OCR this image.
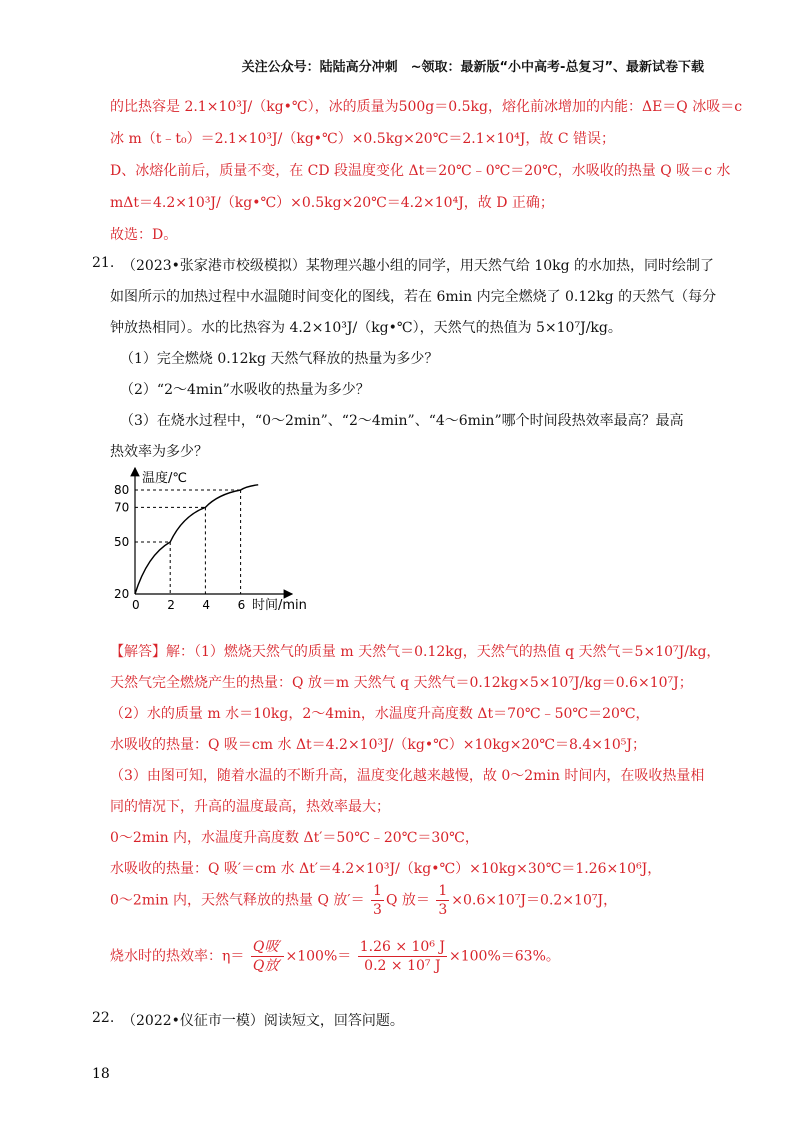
关注公众号：陆陆高分冲刺　~领取：最新版“小中高考-总复习”、最新试卷下载
的比热容是 2.1×10³J/（kg•℃），冰的质量为500g＝0.5kg，熔化前冰增加的内能：ΔE＝Q 冰吸＝c
冰 m（t﹣t₀）＝2.1×10³J/（kg•℃）×0.5kg×20℃＝2.1×10⁴J，故 C 错误；
D、冰熔化前后，质量不变，在 CD 段温度变化 Δt＝20℃﹣0℃＝20℃，水吸收的热量 Q 吸＝c 水
mΔt＝4.2×10³J/（kg•℃）×0.5kg×20℃＝4.2×10⁴J，故 D 正确；
故选：D。
21. （2023•张家港市校级模拟）某物理兴趣小组的同学，用天然气给 10kg 的水加热，同时绘制了
如图所示的加热过程中水温随时间变化的图线，若在 6min 内完全燃烧了 0.12kg 的天然气（每分
钟放热相同）。水的比热容为 4.2×10³J/（kg•℃），天然气的热值为 5×10⁷J/kg。
（1）完全燃烧 0.12kg 天然气释放的热量为多少？
（2）“2～4min”水吸收的热量为多少？
（3）在烧水过程中，“0～2min”、“2～4min”、“4～6min”哪个时间段热效率最高？最高
热效率为多少？
温度/℃
时间/min
20
50
70
80
0 2 4 6
【解答】解：（1）燃烧天然气的质量 m 天然气＝0.12kg，天然气的热值 q 天然气＝5×10⁷J/kg，
天然气完全燃烧产生的热量：Q 放＝m 天然气 q 天然气＝0.12kg×5×10⁷J/kg＝0.6×10⁷J；
（2）水的质量 m 水＝10kg，2～4min，水温度升高度数 Δt＝70℃﹣50℃＝20℃，
水吸收的热量：Q 吸＝cm 水 Δt＝4.2×10³J/（kg•℃）×10kg×20℃＝8.4×10⁵J；
（3）由图可知，随着水温的不断升高，温度变化越来越慢，故 0～2min 时间内，在吸收热量相
同的情况下，升高的温度最高，热效率最大；
0～2min 内，水温度升高度数 Δt′＝50℃﹣20℃＝30℃，
水吸收的热量：Q 吸′＝cm 水 Δt′＝4.2×10³J/（kg•℃）×10kg×30℃＝1.26×10⁶J，
0～2min 内，天然气释放的热量 Q 放′＝ $\frac{1}{3}$ Q 放＝ $\frac{1}{3} \times 0.6\times 10^7J=0.2\times 10^7J$，
烧水时的热效率：$\eta= \frac{\text{Q吸′}}{\text{Q放′}} \times 100\%= \frac{\text{1.26 × 10⁶ J}}{\text{0.2 × 10⁷ J}} \times 100\%=63\%$。
22. （2022•仪征市一模）阅读短文，回答问题。
18
